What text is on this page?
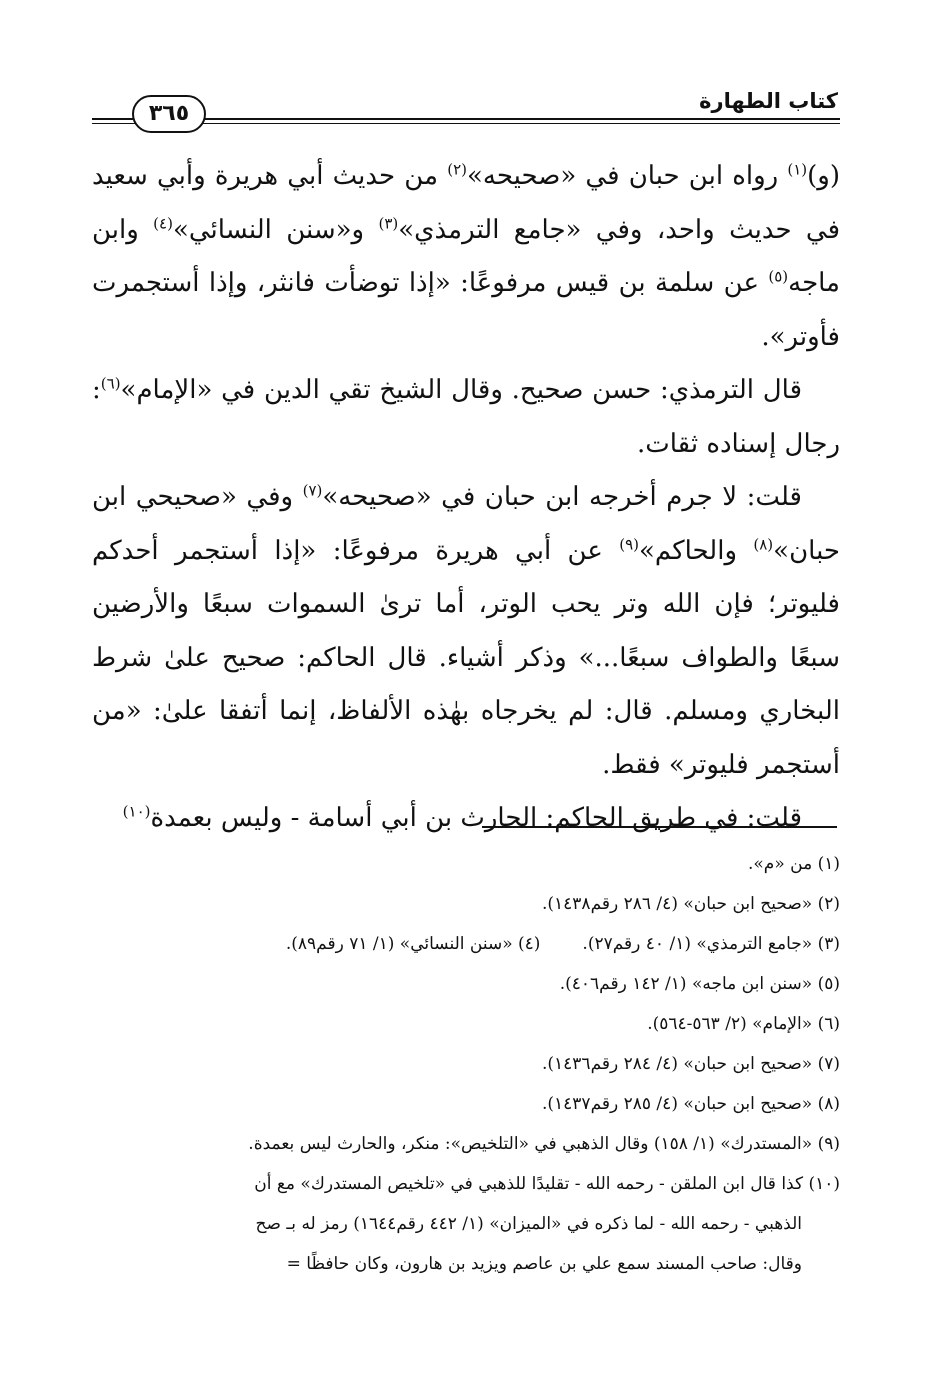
كتاب الطهارة
٣٦٥

(و)$^{(١)}$ رواه ابن حبان في «صحيحه»$^{(٢)}$ من حديث أبي هريرة وأبي سعيد في حديث واحد، وفي «جامع الترمذي»$^{(٣)}$ و«سنن النسائي»$^{(٤)}$ وابن ماجه$^{(٥)}$ عن سلمة بن قيس مرفوعًا: «إذا توضأت فانثر، وإذا أستجمرت فأوتر».

قال الترمذي: حسن صحيح. وقال الشيخ تقي الدين في «الإمام»$^{(٦)}$: رجال إسناده ثقات.

قلت: لا جرم أخرجه ابن حبان في «صحيحه»$^{(٧)}$ وفي «صحيحي ابن حبان»$^{(٨)}$ والحاكم»$^{(٩)}$ عن أبي هريرة مرفوعًا: «إذا أستجمر أحدكم فليوتر؛ فإن الله وتر يحب الوتر، أما ترىٰ السموات سبعًا والأرضين سبعًا والطواف سبعًا...» وذكر أشياء. قال الحاكم: صحيح علىٰ شرط البخاري ومسلم. قال: لم يخرجاه بهٰذه الألفاظ، إنما أتفقا علىٰ: «من أستجمر فليوتر» فقط.

قلت: في طريق الحاكم: الحارث بن أبي أسامة - وليس بعمدة$^{(١٠)}$

(١) من «م».
(٢) «صحيح ابن حبان» (٤/ ٢٨٦ رقم١٤٣٨).
(٣) «جامع الترمذي» (١/ ٤٠ رقم٢٧).
(٤) «سنن النسائي» (١/ ٧١ رقم٨٩).
(٥) «سنن ابن ماجه» (١/ ١٤٢ رقم٤٠٦).
(٦) «الإمام» (٢/ ٥٦٣-٥٦٤).
(٧) «صحيح ابن حبان» (٤/ ٢٨٤ رقم١٤٣٦).
(٨) «صحيح ابن حبان» (٤/ ٢٨٥ رقم١٤٣٧).
(٩) «المستدرك» (١/ ١٥٨) وقال الذهبي في «التلخيص»: منكر، والحارث ليس بعمدة.
(١٠) كذا قال ابن الملقن - رحمه الله - تقليدًا للذهبي في «تلخيص المستدرك» مع أن
الذهبي - رحمه الله - لما ذكره في «الميزان» (١/ ٤٤٢ رقم١٦٤٤) رمز له بـ صح
وقال: صاحب المسند سمع علي بن عاصم ويزيد بن هارون، وكان حافظًا =
